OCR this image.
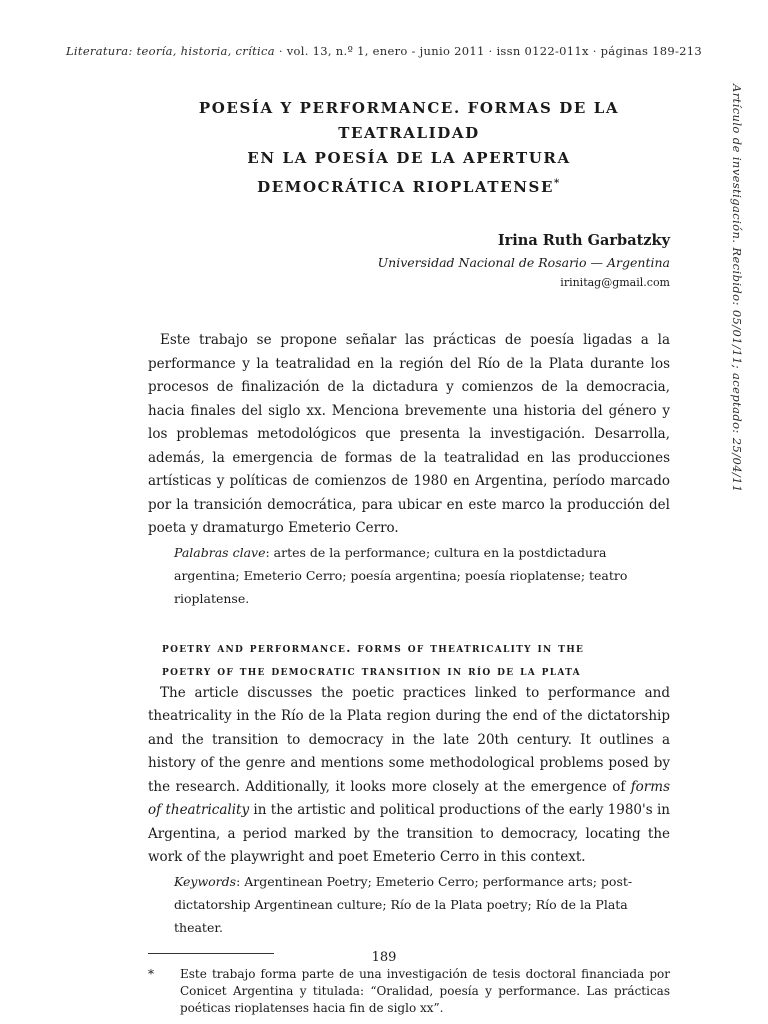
Literatura: teoría, historia, crítica · vol. 13, n.º 1, enero - junio 2011 · issn 0122-011x · páginas 189-213
Artículo de investigación. Recibido: 05/01/11; aceptado: 25/04/11
POESÍA Y PERFORMANCE. FORMAS DE LA TEATRALIDAD
EN LA POESÍA DE LA APERTURA
DEMOCRÁTICA RIOPLATENSE*
Irina Ruth Garbatzky
Universidad Nacional de Rosario — Argentina
irinitag@gmail.com

Este trabajo se propone señalar las prácticas de poesía ligadas a la performance y la teatralidad en la región del Río de la Plata durante los procesos de finalización de la dictadura y comienzos de la democracia, hacia finales del siglo xx. Menciona brevemente una historia del género y los problemas metodológicos que presenta la investigación. Desarrolla, además, la emergencia de formas de la teatralidad en las producciones artísticas y políticas de comienzos de 1980 en Argentina, período marcado por la transición democrática, para ubicar en este marco la producción del poeta y dramaturgo Emeterio Cerro.

Palabras clave: artes de la performance; cultura en la postdictadura argentina; Emeterio Cerro; poesía argentina; poesía rioplatense; teatro rioplatense.
poetry and performance. forms of theatricality in the
poetry of the democratic transition in río de la plata

The article discusses the poetic practices linked to performance and theatricality in the Río de la Plata region during the end of the dictatorship and the transition to democracy in the late 20th century. It outlines a history of the genre and mentions some methodological problems posed by the research. Additionally, it looks more closely at the emergence of forms of theatricality in the artistic and political productions of the early 1980's in Argentina, a period marked by the transition to democracy, locating the work of the playwright and poet Emeterio Cerro in this context.

Keywords: Argentinean Poetry; Emeterio Cerro; performance arts; post-dictatorship Argentinean culture; Río de la Plata poetry; Río de la Plata theater.
*	Este trabajo forma parte de una investigación de tesis doctoral financiada por Conicet Argentina y titulada: “Oralidad, poesía y performance. Las prácticas poéticas rioplatenses hacia fin de siglo xx”.
189
